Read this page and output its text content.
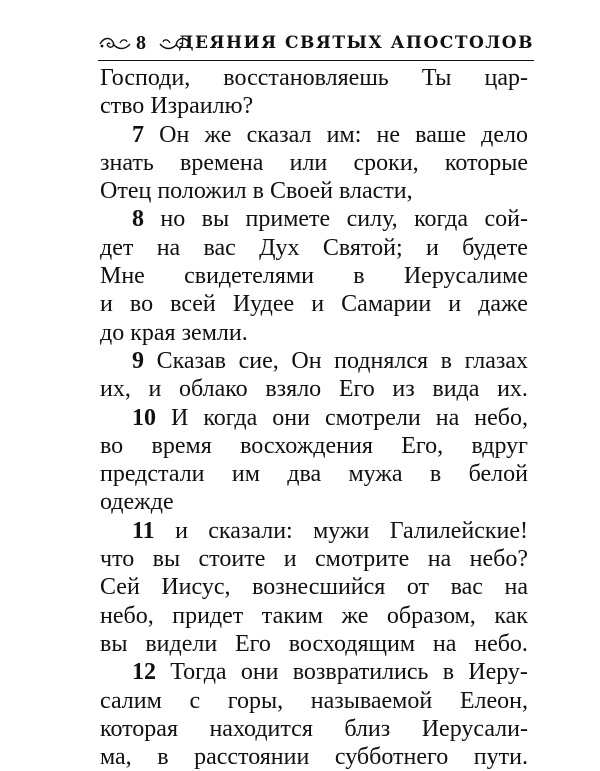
8 ДЕЯНИЯ СВЯТЫХ АПОСТОЛОВ
Господи, восстановляешь Ты цар-
ство Израилю?
7 Он же сказал им: не ваше дело
знать времена или сроки, которые
Отец положил в Своей власти,
8 но вы примете силу, когда сой-
дет на вас Дух Святой; и будете
Мне свидетелями в Иерусалиме
и во всей Иудее и Самарии и даже
до края земли.
9 Сказав сие, Он поднялся в глазах
их, и облако взяло Его из вида их.
10 И когда они смотрели на небо,
во время восхождения Его, вдруг
предстали им два мужа в белой
одежде
11 и сказали: мужи Галилейские!
что вы стоите и смотрите на небо?
Сей Иисус, вознесшийся от вас на
небо, придет таким же образом, как
вы видели Его восходящим на небо.
12 Тогда они возвратились в Иеру-
салим с горы, называемой Елеон,
которая находится близ Иерусали-
ма, в расстоянии субботнего пути.
